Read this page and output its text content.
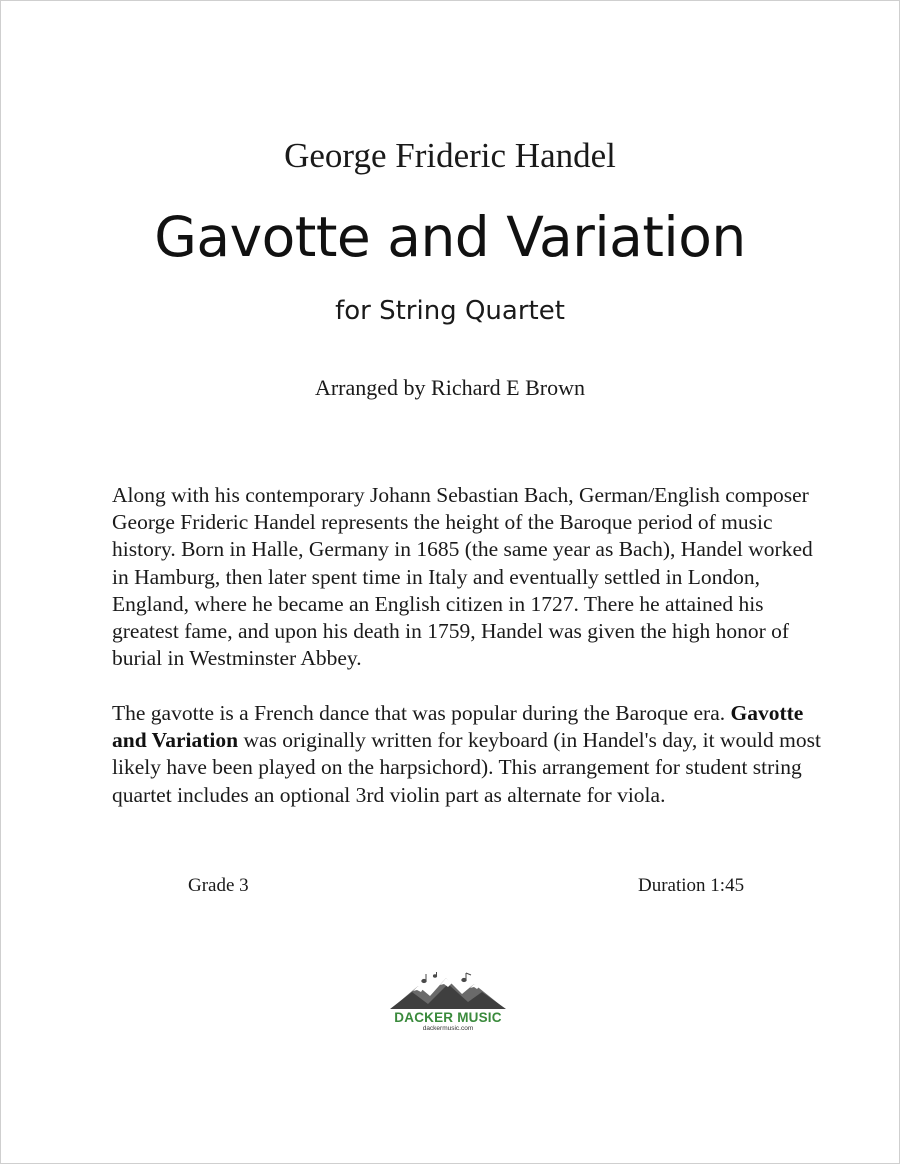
George Frideric Handel
Gavotte and Variation
for String Quartet
Arranged by Richard E Brown
Along with his contemporary Johann Sebastian Bach, German/English composer George Frideric Handel represents the height of the Baroque period of music history. Born in Halle, Germany in 1685 (the same year as Bach), Handel worked in Hamburg, then later spent time in Italy and eventually settled in London, England, where he became an English citizen in 1727. There he attained his greatest fame, and upon his death in 1759, Handel was given the high honor of burial in Westminster Abbey.
The gavotte is a French dance that was popular during the Baroque era. Gavotte and Variation was originally written for keyboard (in Handel's day, it would most likely have been played on the harpsichord). This arrangement for student string quartet includes an optional 3rd violin part as alternate for viola.
Grade 3	Duration 1:45
DACKER MUSIC
dackermusic.com
